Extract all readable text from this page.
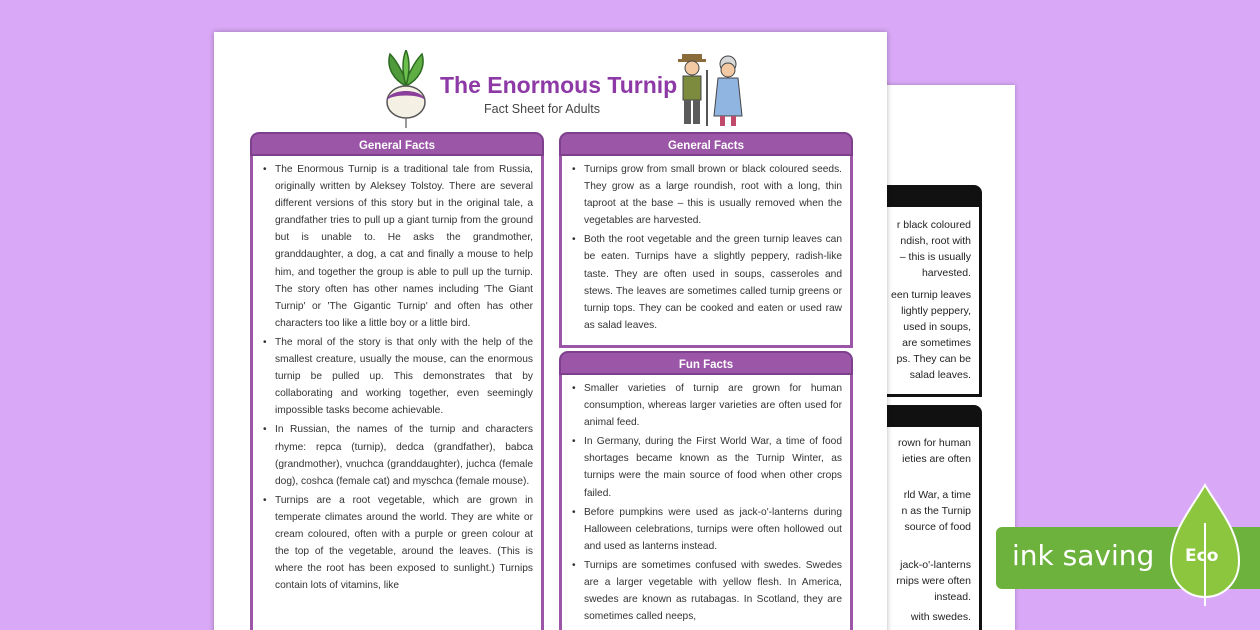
r black coloured
ndish, root with
– this is usually
harvested.
een turnip leaves
lightly peppery,
used in soups,
are sometimes
ps. They can be
salad leaves.
rown for human
ieties are often
rld War, a time
n as the Turnip
source of food
jack-o'-lanterns
rnips were often
instead.
with swedes.
The Enormous Turnip
Fact Sheet for Adults
General Facts
• The Enormous Turnip is a traditional tale from Russia, originally written by Aleksey Tolstoy. There are several different versions of this story but in the original tale, a grandfather tries to pull up a giant turnip from the ground but is unable to. He asks the grandmother, granddaughter, a dog, a cat and finally a mouse to help him, and together the group is able to pull up the turnip. The story often has other names including 'The Giant Turnip' or 'The Gigantic Turnip' and often has other characters too like a little boy or a little bird.
• The moral of the story is that only with the help of the smallest creature, usually the mouse, can the enormous turnip be pulled up. This demonstrates that by collaborating and working together, even seemingly impossible tasks become achievable.
• In Russian, the names of the turnip and characters rhyme: repca (turnip), dedca (grandfather), babca (grandmother), vnuchca (granddaughter), juchca (female dog), coshca (female cat) and myschca (female mouse).
• Turnips are a root vegetable, which are grown in temperate climates around the world. They are white or cream coloured, often with a purple or green colour at the top of the vegetable, around the leaves. (This is where the root has been exposed to sunlight.) Turnips contain lots of vitamins, like
General Facts
• Turnips grow from small brown or black coloured seeds. They grow as a large roundish, root with a long, thin taproot at the base – this is usually removed when the vegetables are harvested.
• Both the root vegetable and the green turnip leaves can be eaten. Turnips have a slightly peppery, radish-like taste. They are often used in soups, casseroles and stews. The leaves are sometimes called turnip greens or turnip tops. They can be cooked and eaten or used raw as salad leaves.
Fun Facts
• Smaller varieties of turnip are grown for human consumption, whereas larger varieties are often used for animal feed.
• In Germany, during the First World War, a time of food shortages became known as the Turnip Winter, as turnips were the main source of food when other crops failed.
• Before pumpkins were used as jack-o'-lanterns during Halloween celebrations, turnips were often hollowed out and used as lanterns instead.
• Turnips are sometimes confused with swedes. Swedes are a larger vegetable with yellow flesh. In America, swedes are known as rutabagas. In Scotland, they are sometimes called neeps,
ink saving Eco
